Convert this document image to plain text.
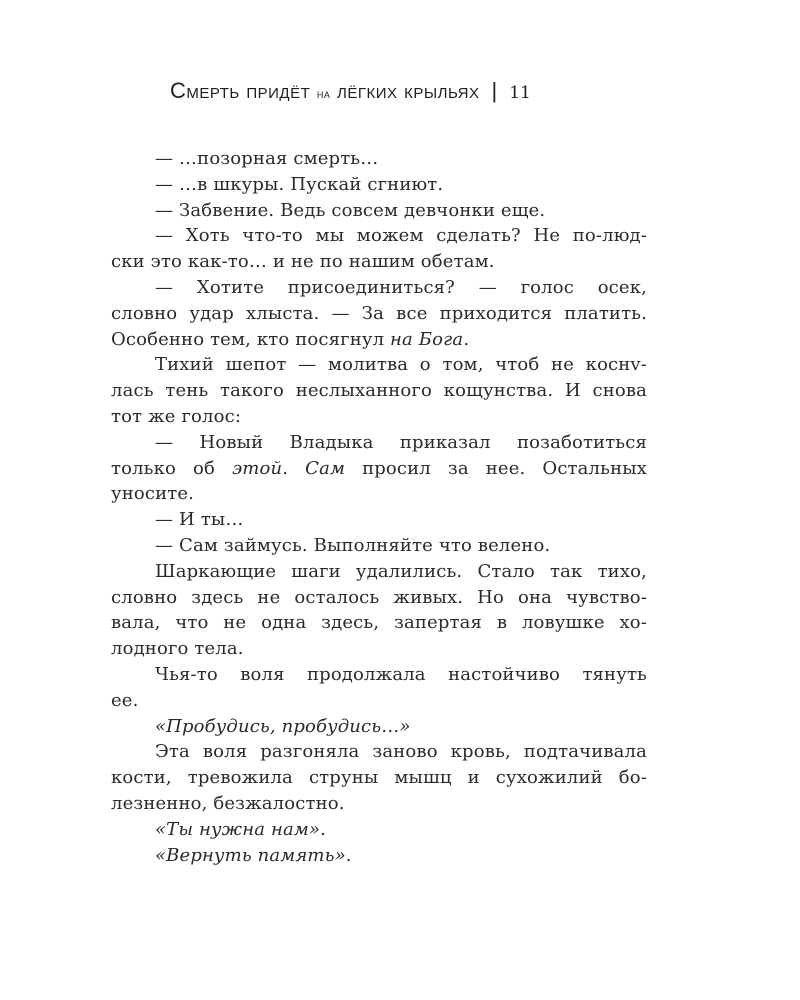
Смерть придёт на лёгких крыльях | 11
— …позорная смерть…
— …в шкуры. Пускай сгниют.
— Забвение. Ведь совсем девчонки еще.
— Хоть что-то мы можем сделать? Не по-люд-
ски это как-то… и не по нашим обетам.
— Хотите присоединиться? — голос осек,
словно удар хлыста. — За все приходится платить.
Особенно тем, кто посягнул на Бога.
Тихий шепот — молитва о том, чтоб не коснv-
лась тень такого неслыханного кощунства. И снова
тот же голос:
— Новый Владыка приказал позаботиться
только об этой. Сам просил за нее. Остальных
уносите.
— И ты…
— Сам займусь. Выполняйте что велено.
Шаркающие шаги удалились. Стало так тихо,
словно здесь не осталось живых. Но она чувство-
вала, что не одна здесь, запертая в ловушке хо-
лодного тела.
Чья-то воля продолжала настойчиво тянуть
ее.
«Пробудись, пробудись…»
Эта воля разгоняла заново кровь, подтачивала
кости, тревожила струны мышц и сухожилий бо-
лезненно, безжалостно.
«Ты нужна нам».
«Вернуть память».
